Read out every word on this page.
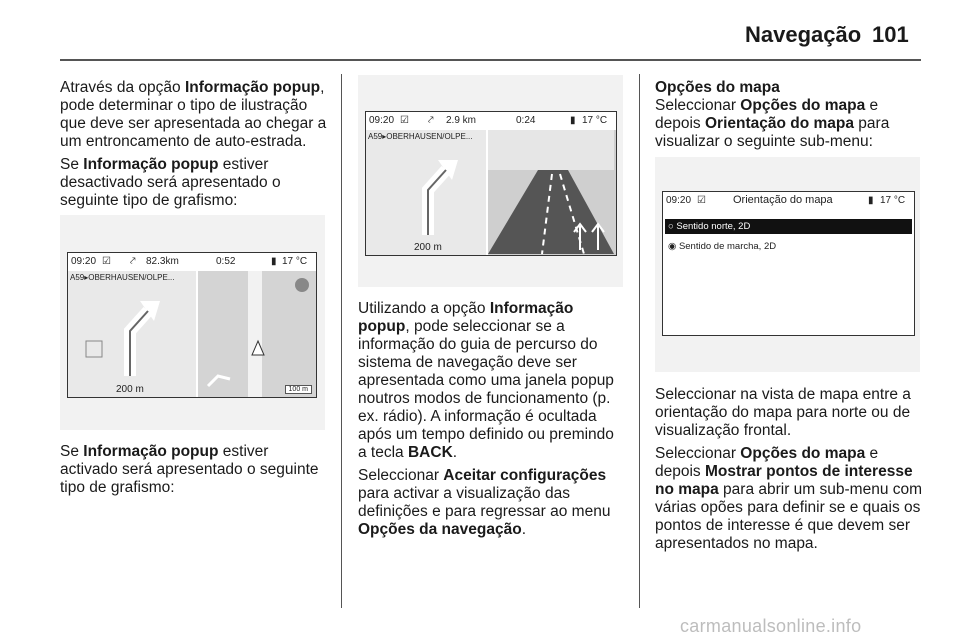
Navegação 101

Através da opção Informação popup, pode determinar o tipo de ilustração que deve ser apresentada ao chegar a um entroncamento de auto-estrada.

Se Informação popup estiver desactivado será apresentado o seguinte tipo de grafismo:

09:20 ☑ ⤤ 82.3km	0:52	▮ 17 °C
A59▸OBERHAUSEN/OLPE...
200 m	100 m

Se Informação popup estiver activado será apresentado o seguinte tipo de grafismo:

09:20 ☑ ⤤ 2.9 km	0:24	▮ 17 °C
A59▸OBERHAUSEN/OLPE...
200 m

Utilizando a opção Informação popup, pode seleccionar se a informação do guia de percurso do sistema de navegação deve ser apresentada como uma janela popup noutros modos de funcionamento (p. ex. rádio). A informação é ocultada após um tempo definido ou premindo a tecla BACK.

Seleccionar Aceitar configurações para activar a visualização das definições e para regressar ao menu Opções da navegação.

Opções do mapa

Seleccionar Opções do mapa e depois Orientação do mapa para visualizar o seguinte sub-menu:

09:20 ☑ Orientação do mapa	▮ 17 °C
○ Sentido norte, 2D
◉ Sentido de marcha, 2D

Seleccionar na vista de mapa entre a orientação do mapa para norte ou de visualização frontal.

Seleccionar Opções do mapa e depois Mostrar pontos de interesse no mapa para abrir um sub-menu com várias opões para definir se e quais os pontos de interesse é que devem ser apresentados no mapa.

carmanualsonline.info
